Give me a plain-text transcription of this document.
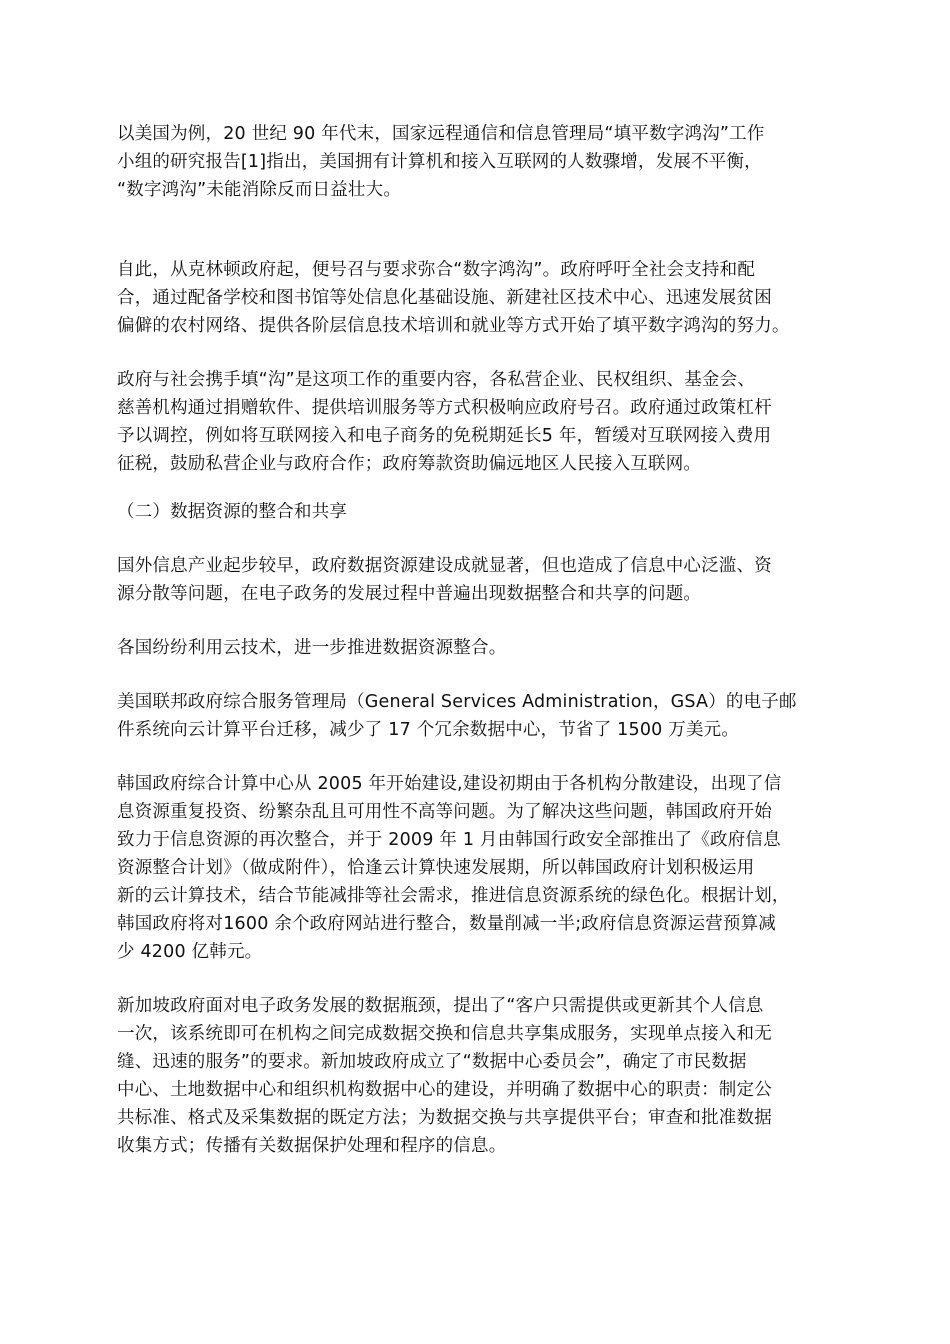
以美国为例，20 世纪 90 年代末，国家远程通信和信息管理局“填平数字鸿沟”工作
小组的研究报告[1]指出，美国拥有计算机和接入互联网的人数骤增，发展不平衡，
“数字鸿沟”未能消除反而日益壮大。

自此，从克林顿政府起，便号召与要求弥合“数字鸿沟”。政府呼吁全社会支持和配
合，通过配备学校和图书馆等处信息化基础设施、新建社区技术中心、迅速发展贫困
偏僻的农村网络、提供各阶层信息技术培训和就业等方式开始了填平数字鸿沟的努力。

政府与社会携手填“沟”是这项工作的重要内容，各私营企业、民权组织、基金会、
慈善机构通过捐赠软件、提供培训服务等方式积极响应政府号召。政府通过政策杠杆
予以调控，例如将互联网接入和电子商务的免税期延长5 年，暂缓对互联网接入费用
征税，鼓励私营企业与政府合作；政府筹款资助偏远地区人民接入互联网。

（二）数据资源的整合和共享

国外信息产业起步较早，政府数据资源建设成就显著，但也造成了信息中心泛滥、资
源分散等问题，在电子政务的发展过程中普遍出现数据整合和共享的问题。

各国纷纷利用云技术，进一步推进数据资源整合。

美国联邦政府综合服务管理局（General Services Administration，GSA）的电子邮
件系统向云计算平台迁移，减少了 17 个冗余数据中心，节省了 1500 万美元。

韩国政府综合计算中心从 2005 年开始建设,建设初期由于各机构分散建设，出现了信
息资源重复投资、纷繁杂乱且可用性不高等问题。为了解决这些问题，韩国政府开始
致力于信息资源的再次整合，并于 2009 年 1 月由韩国行政安全部推出了《政府信息
资源整合计划》（做成附件），恰逢云计算快速发展期，所以韩国政府计划积极运用
新的云计算技术，结合节能减排等社会需求，推进信息资源系统的绿色化。根据计划，
韩国政府将对1600 余个政府网站进行整合，数量削减一半;政府信息资源运营预算减
少 4200 亿韩元。

新加坡政府面对电子政务发展的数据瓶颈，提出了“客户只需提供或更新其个人信息
一次，该系统即可在机构之间完成数据交换和信息共享集成服务，实现单点接入和无
缝、迅速的服务”的要求。新加坡政府成立了“数据中心委员会”，确定了市民数据
中心、土地数据中心和组织机构数据中心的建设，并明确了数据中心的职责：制定公
共标准、格式及采集数据的既定方法；为数据交换与共享提供平台；审查和批准数据
收集方式；传播有关数据保护处理和程序的信息。
